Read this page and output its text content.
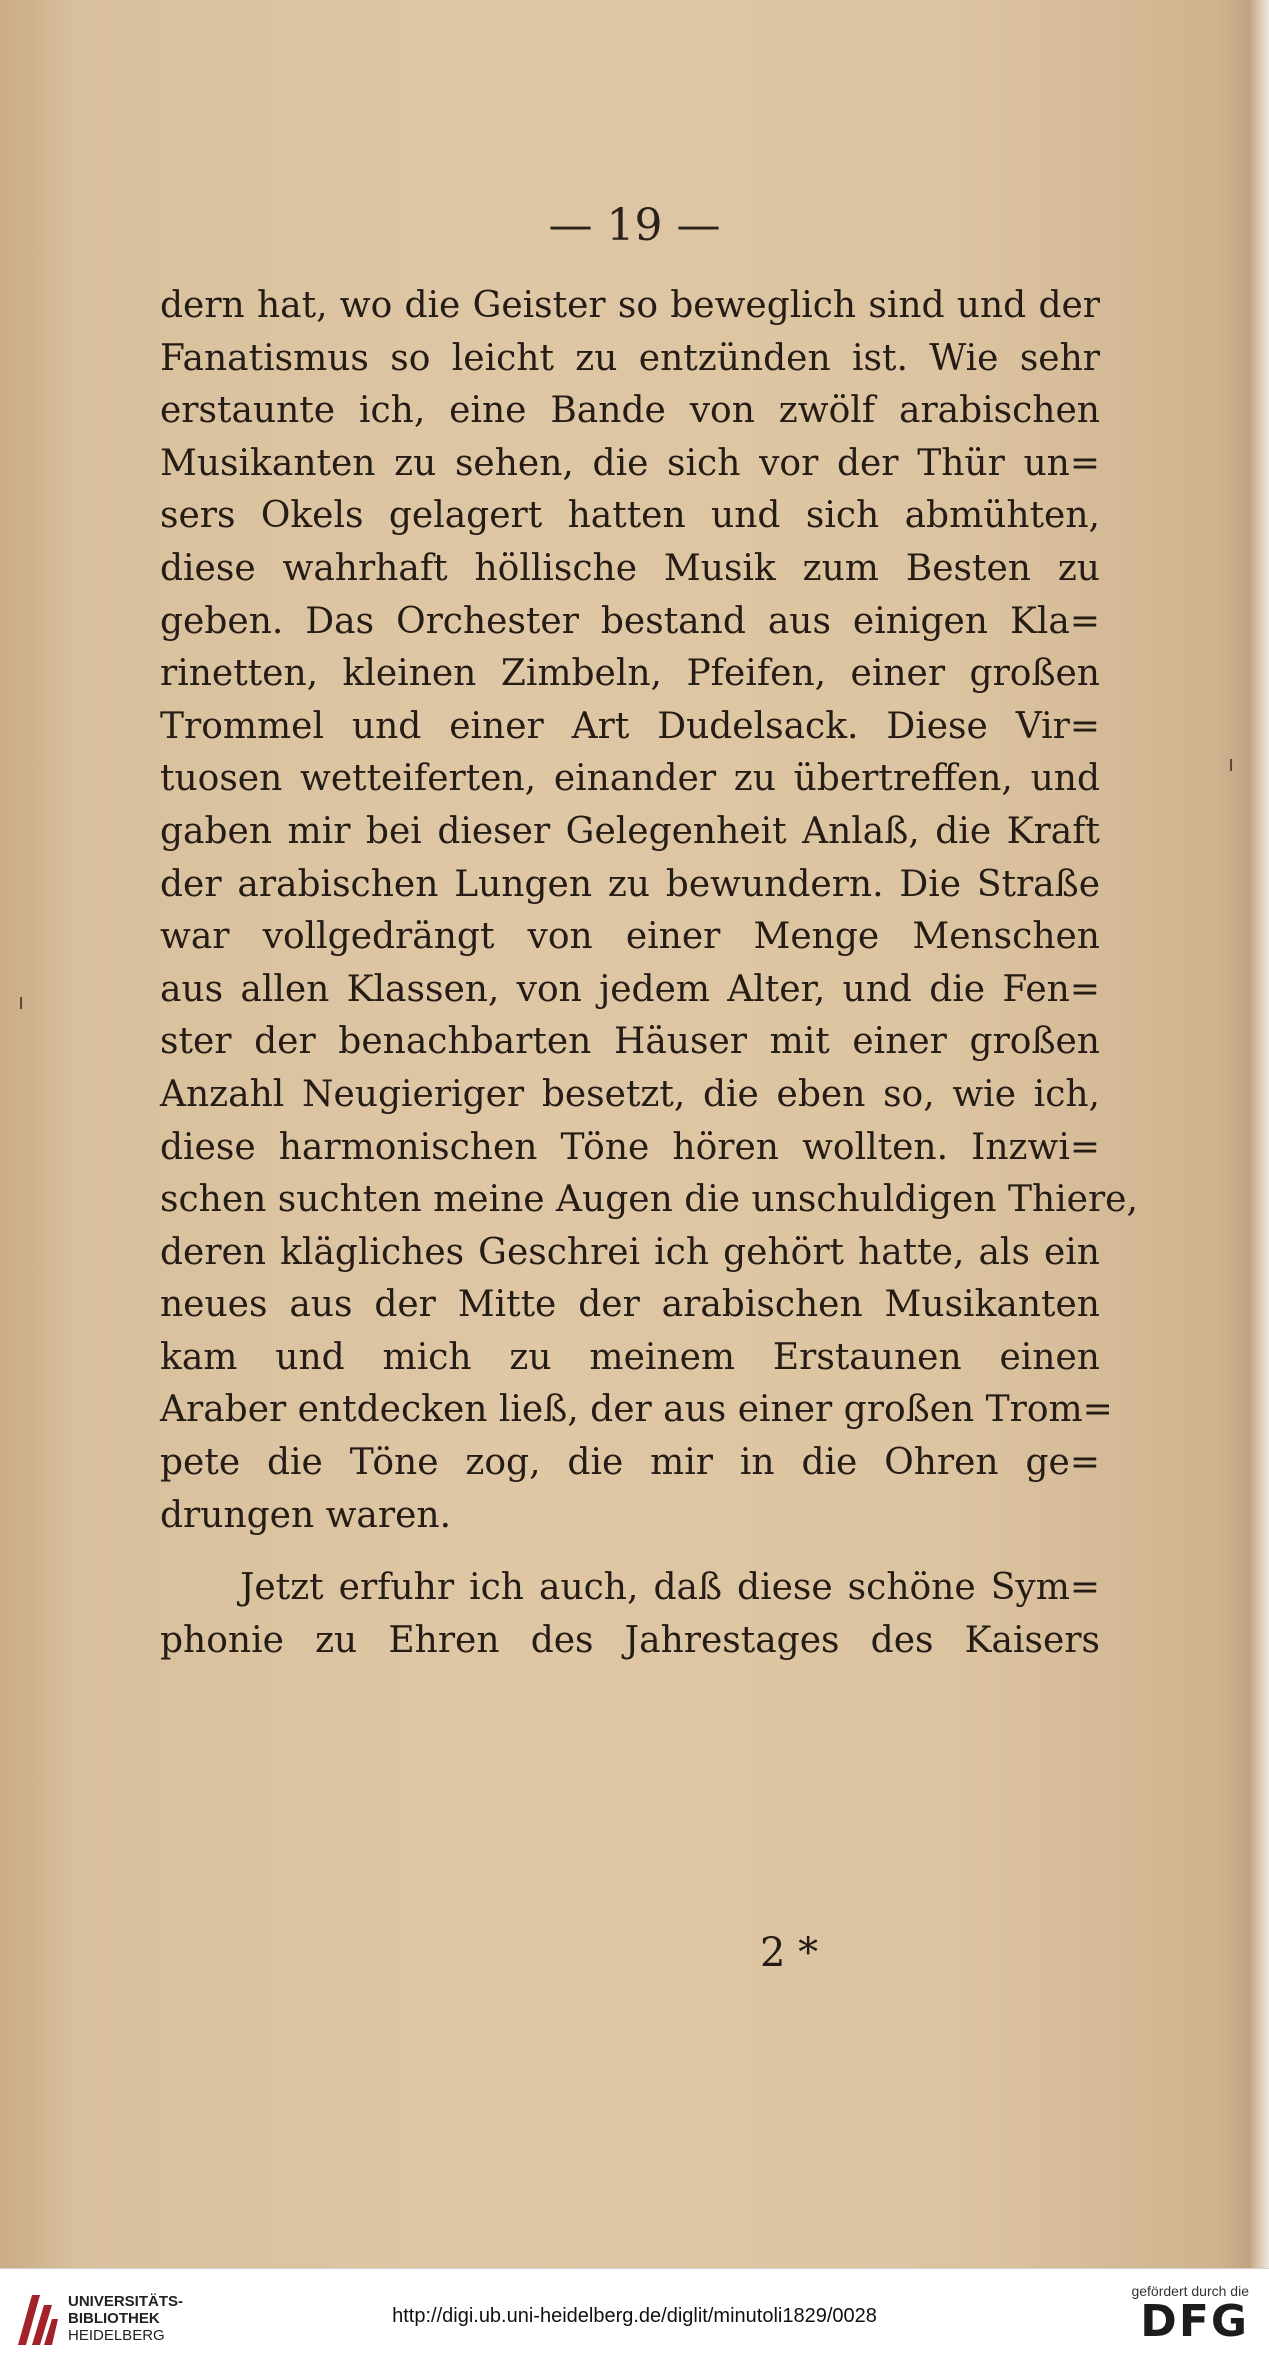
ı
ı
— 19 —
dern hat, wo die Geister so beweglich sind und der
Fanatismus so leicht zu entzünden ist. Wie sehr
erstaunte ich, eine Bande von zwölf arabischen
Musikanten zu sehen, die sich vor der Thür un=
sers Okels gelagert hatten und sich abmühten,
diese wahrhaft höllische Musik zum Besten zu
geben. Das Orchester bestand aus einigen Kla=
rinetten, kleinen Zimbeln, Pfeifen, einer großen
Trommel und einer Art Dudelsack. Diese Vir=
tuosen wetteiferten, einander zu übertreffen, und
gaben mir bei dieser Gelegenheit Anlaß, die Kraft
der arabischen Lungen zu bewundern. Die Straße
war vollgedrängt von einer Menge Menschen
aus allen Klassen, von jedem Alter, und die Fen=
ster der benachbarten Häuser mit einer großen
Anzahl Neugieriger besetzt, die eben so, wie ich,
diese harmonischen Töne hören wollten. Inzwi=
schen suchten meine Augen die unschuldigen Thiere,
deren klägliches Geschrei ich gehört hatte, als ein
neues aus der Mitte der arabischen Musikanten
kam und mich zu meinem Erstaunen einen
Araber entdecken ließ, der aus einer großen Trom=
pete die Töne zog, die mir in die Ohren ge=
drungen waren.
Jetzt erfuhr ich auch, daß diese schöne Sym=
phonie zu Ehren des Jahrestages des Kaisers
2 *
UNIVERSITÄTS-
BIBLIOTHEK
HEIDELBERG
http://digi.ub.uni-heidelberg.de/diglit/minutoli1829/0028
gefördert durch die
DFG
